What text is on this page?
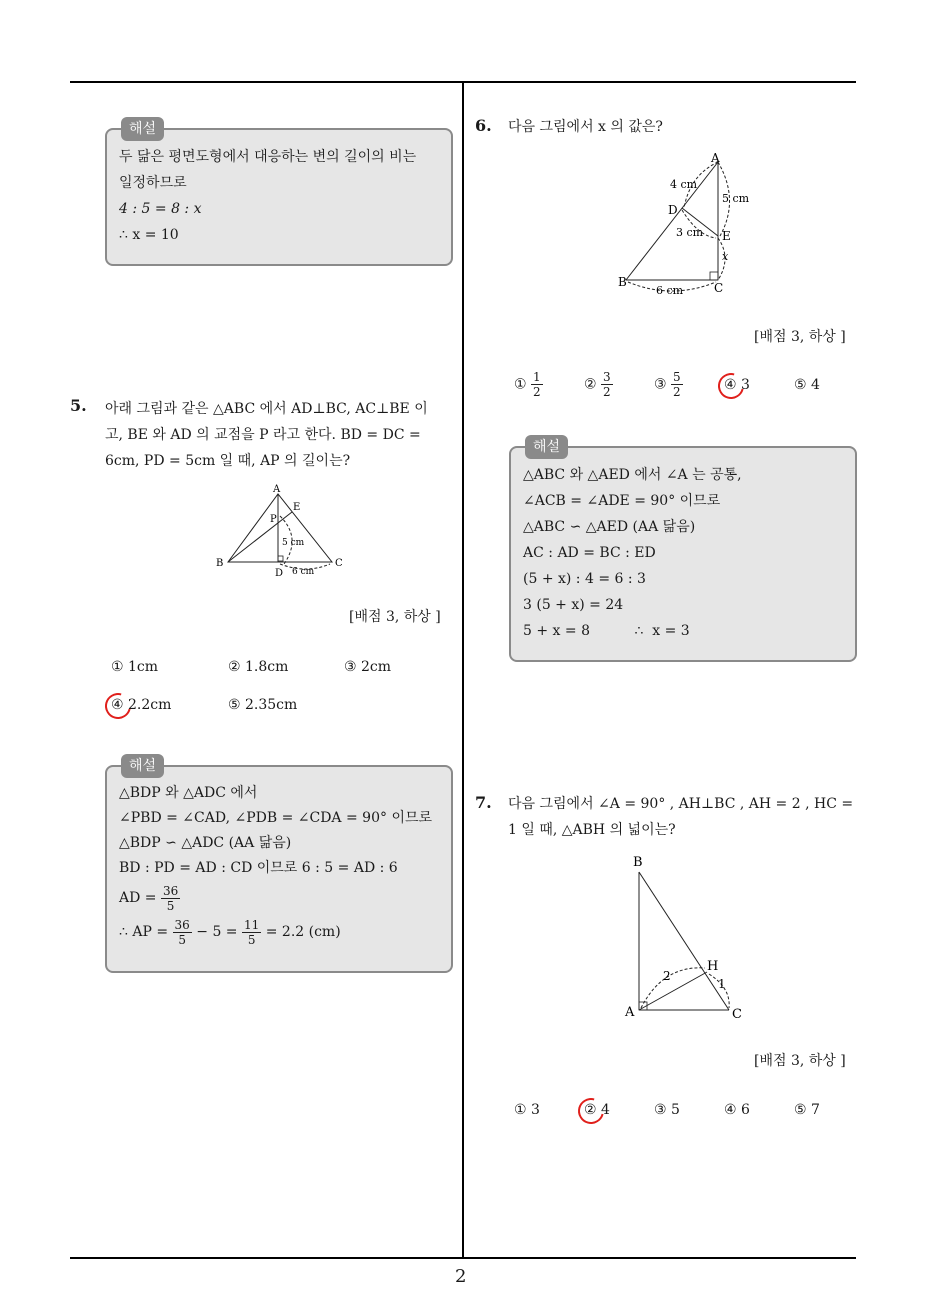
2
해설
두 닮은 평면도형에서 대응하는 변의 길이의 비는
일정하므로
4 : 5 = 8 : x
∴ x = 10
5. 아래 그림과 같은 △ABC 에서 AD⊥BC, AC⊥BE 이
고, BE 와 AD 의 교점을 P 라고 한다. BD = DC =
6cm, PD = 5cm 일 때, AP 의 길이는?
A
E
P
5 cm
B
D 6 cm
C
[배점 3, 하상 ]
① 1cm	② 1.8cm	③ 2cm
④ 2.2cm	⑤ 2.35cm
해설
△BDP 와 △ADC 에서
∠PBD = ∠CAD, ∠PDB = ∠CDA = 90° 이므로
△BDP ∽ △ADC (AA 닮음)
BD : PD = AD : CD 이므로 6 : 5 = AD : 6
AD = $\frac{36}{5}$
∴ AP = $\frac{36}{5} - 5 = \frac{11}{5} = 2.2$ (cm)
6. 다음 그림에서 x 의 값은?
A
4 cm
5 cm
D
3 cm E
x
B
6 cm	C
[배점 3, 하상 ]
① $\frac{1}{2}$	② $\frac{3}{2}$	③ $\frac{5}{2}$	④ 3	⑤ 4
해설
△ABC 와 △AED 에서 ∠A 는 공통,
∠ACB = ∠ADE = 90° 이므로
△ABC ∽ △AED (AA 닮음)
AC : AD = BC : ED
(5 + x) : 4 = 6 : 3
3 (5 + x) = 24
5 + x = 8          ∴  x = 3
7. 다음 그림에서 ∠A = 90° , AH⊥BC , AH = 2 , HC =
1 일 때, △ABH 의 넓이는?
B
H
2
1
A	C
[배점 3, 하상 ]
① 3	② 4	③ 5	④ 6	⑤ 7
